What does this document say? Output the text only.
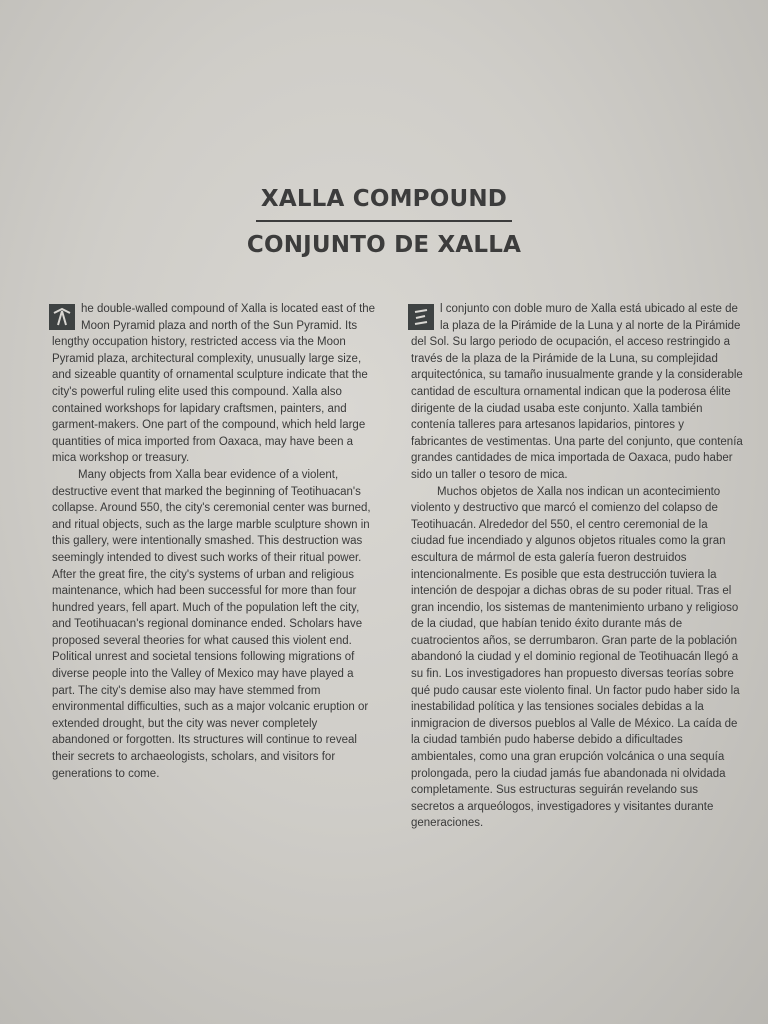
XALLA COMPOUND
CONJUNTO DE XALLA

he double-walled compound of Xalla is located east of the Moon Pyramid plaza and north of the Sun Pyramid. Its lengthy occupation history, restricted access via the Moon Pyramid plaza, architectural complexity, unusually large size, and sizeable quantity of ornamental sculpture indicate that the city's powerful ruling elite used this compound. Xalla also contained workshops for lapidary craftsmen, painters, and garment-makers. One part of the compound, which held large quantities of mica imported from Oaxaca, may have been a mica workshop or treasury.

Many objects from Xalla bear evidence of a violent, destructive event that marked the beginning of Teotihuacan's collapse. Around 550, the city's ceremonial center was burned, and ritual objects, such as the large marble sculpture shown in this gallery, were intentionally smashed. This destruction was seemingly intended to divest such works of their ritual power. After the great fire, the city's systems of urban and religious maintenance, which had been successful for more than four hundred years, fell apart. Much of the population left the city, and Teotihuacan's regional dominance ended. Scholars have proposed several theories for what caused this violent end. Political unrest and societal tensions following migrations of diverse people into the Valley of Mexico may have played a part. The city's demise also may have stemmed from environmental difficulties, such as a major volcanic eruption or extended drought, but the city was never completely abandoned or forgotten. Its structures will continue to reveal their secrets to archaeologists, scholars, and visitors for generations to come.

l conjunto con doble muro de Xalla está ubicado al este de la plaza de la Pirámide de la Luna y al norte de la Pirámide del Sol. Su largo periodo de ocupación, el acceso restringido a través de la plaza de la Pirámide de la Luna, su complejidad arquitectónica, su tamaño inusualmente grande y la considerable cantidad de escultura ornamental indican que la poderosa élite dirigente de la ciudad usaba este conjunto. Xalla también contenía talleres para artesanos lapidarios, pintores y fabricantes de vestimentas. Una parte del conjunto, que contenía grandes cantidades de mica importada de Oaxaca, pudo haber sido un taller o tesoro de mica.

Muchos objetos de Xalla nos indican un acontecimiento violento y destructivo que marcó el comienzo del colapso de Teotihuacán. Alrededor del 550, el centro ceremonial de la ciudad fue incendiado y algunos objetos rituales como la gran escultura de mármol de esta galería fueron destruidos intencionalmente. Es posible que esta destrucción tuviera la intención de despojar a dichas obras de su poder ritual. Tras el gran incendio, los sistemas de mantenimiento urbano y religioso de la ciudad, que habían tenido éxito durante más de cuatrocientos años, se derrumbaron. Gran parte de la población abandonó la ciudad y el dominio regional de Teotihuacán llegó a su fin. Los investigadores han propuesto diversas teorías sobre qué pudo causar este violento final. Un factor pudo haber sido la inestabilidad política y las tensiones sociales debidas a la inmigracion de diversos pueblos al Valle de México. La caída de la ciudad también pudo haberse debido a dificultades ambientales, como una gran erupción volcánica o una sequía prolongada, pero la ciudad jamás fue abandonada ni olvidada completamente. Sus estructuras seguirán revelando sus secretos a arqueólogos, investigadores y visitantes durante generaciones.
